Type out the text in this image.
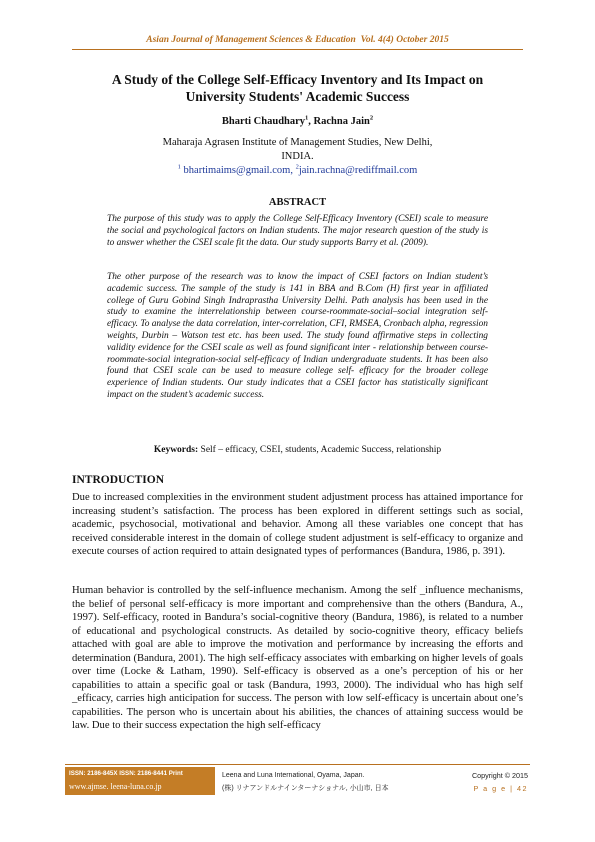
Asian Journal of Management Sciences & Education Vol. 4(4) October 2015
A Study of the College Self-Efficacy Inventory and Its Impact on
University Students' Academic Success
Bharti Chaudhary$^1$, Rachna Jain$^2$
Maharaja Agrasen Institute of Management Studies, New Delhi,
INDIA.
$^1$ bhartimaims@gmail.com, $^2$jain.rachna@rediffmail.com
ABSTRACT

The purpose of this study was to apply the College Self-Efficacy Inventory (CSEI) scale to measure the social and psychological factors on Indian students. The major research question of the study is to answer whether the CSEI scale fit the data. Our study supports Barry et al. (2009).

The other purpose of the research was to know the impact of CSEI factors on Indian student’s academic success. The sample of the study is 141 in BBA and B.Com (H) first year in affiliated college of Guru Gobind Singh Indraprastha University Delhi. Path analysis has been used in the study to examine the interrelationship between course-roommate-social–social integration self-efficacy. To analyse the data correlation, inter-correlation, CFI, RMSEA, Cronbach alpha, regression weights, Durbin – Watson test etc. has been used. The study found affirmative steps in collecting validity evidence for the CSEI scale as well as found significant inter - relationship between course-roommate-social integration-social self-efficacy of Indian undergraduate students. It has been also found that CSEI scale can be used to measure college self- efficacy for the broader college experience of Indian students. Our study indicates that a CSEI factor has statistically significant impact on the student’s academic success.

Keywords: Self – efficacy, CSEI, students, Academic Success, relationship
INTRODUCTION

Due to increased complexities in the environment student adjustment process has attained importance for increasing student’s satisfaction. The process has been explored in different settings such as social, academic, psychosocial, motivational and behavior. Among all these variables one concept that has received considerable interest in the domain of college student adjustment is self-efficacy to organize and execute courses of action required to attain designated types of performances (Bandura, 1986, p. 391).

Human behavior is controlled by the self-influence mechanism. Among the self _influence mechanisms, the belief of personal self-efficacy is more important and comprehensive than the others (Bandura, A., 1997). Self-efficacy, rooted in Bandura’s social-cognitive theory (Bandura, 1986), is related to a number of educational and psychological constructs. As detailed by socio-cognitive theory, efficacy beliefs attached with goal are able to improve the motivation and performance by increasing the efforts and determination (Bandura, 2001). The high self-efficacy associates with embarking on higher levels of goals over time (Locke & Latham, 1990). Self-efficacy is observed as a one’s perception of his or her capabilities to attain a specific goal or task (Bandura, 1993, 2000). The individual who has high self _efficacy, carries high anticipation for success. The person with low self-efficacy is uncertain about one’s capabilities. The person who is uncertain about his abilities, the chances of attaining success would be law. Due to their success expectation the high self-efficacy

ISSN: 2186-845X ISSN: 2186-8441 Print
www.ajmse. leena-luna.co.jp
Leena and Luna International, Oyama, Japan.
(株) リナアンドルナインターナショナル, 小山市, 日本
Copyright © 2015
P a g e | 42
